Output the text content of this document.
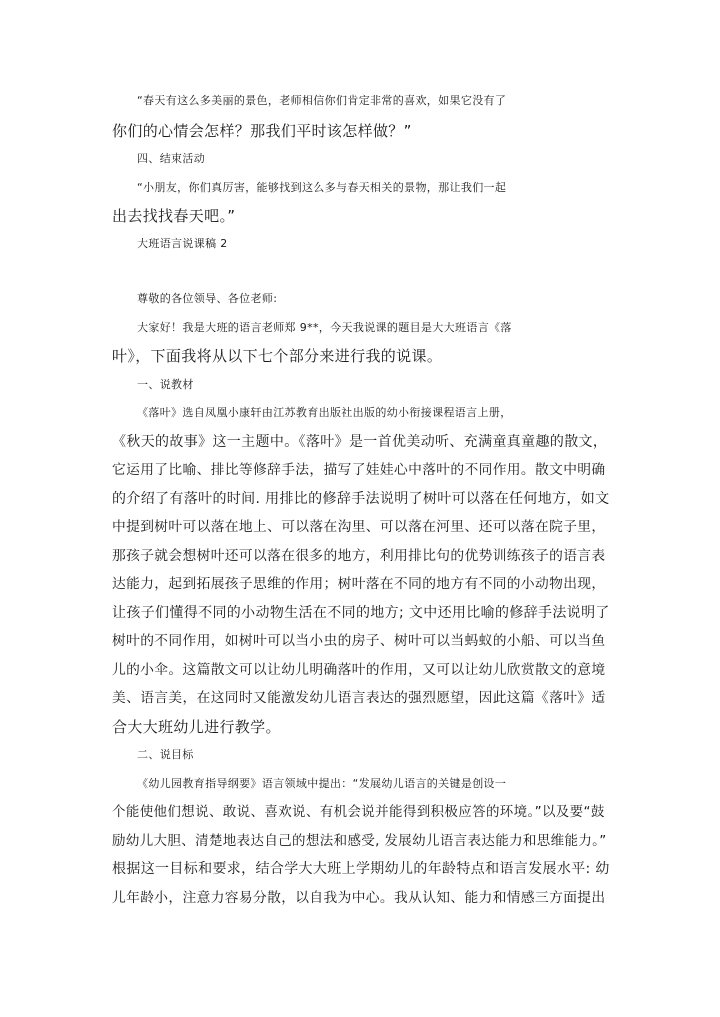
“春天有这么多美丽的景色，老师相信你们肯定非常的喜欢，如果它没有了
你们的心情会怎样？那我们平时该怎样做？”
四、结束活动
“小朋友，你们真厉害，能够找到这么多与春天相关的景物，那让我们一起
出去找找春天吧。”
大班语言说课稿 2
尊敬的各位领导、各位老师:
大家好！我是大班的语言老师郑 9**，今天我说课的题目是大大班语言《落
叶》，下面我将从以下七个部分来进行我的说课。
一、说教材
《落叶》选自凤凰小康轩由江苏教育出版社出版的幼小衔接课程语言上册，
《秋天的故事》这一主题中。《落叶》是一首优美动听、充满童真童趣的散文，
它运用了比喻、排比等修辞手法，描写了娃娃心中落叶的不同作用。散文中明确
的介绍了有落叶的时间. 用排比的修辞手法说明了树叶可以落在任何地方，如文
中提到树叶可以落在地上、可以落在沟里、可以落在河里、还可以落在院子里，
那孩子就会想树叶还可以落在很多的地方，利用排比句的优势训练孩子的语言表
达能力，起到拓展孩子思维的作用；树叶落在不同的地方有不同的小动物出现，
让孩子们懂得不同的小动物生活在不同的地方; 文中还用比喻的修辞手法说明了
树叶的不同作用，如树叶可以当小虫的房子、树叶可以当蚂蚁的小船、可以当鱼
儿的小伞。这篇散文可以让幼儿明确落叶的作用，又可以让幼儿欣赏散文的意境
美、语言美，在这同时又能激发幼儿语言表达的强烈愿望，因此这篇《落叶》适
合大大班幼儿进行教学。
二、说目标
《幼儿园教育指导纲要》语言领域中提出：“发展幼儿语言的关键是创设一
个能使他们想说、敢说、喜欢说、有机会说并能得到积极应答的环境。”以及要“鼓
励幼儿大胆、清楚地表达自己的想法和感受, 发展幼儿语言表达能力和思维能力。”
根据这一目标和要求，结合学大大班上学期幼儿的年龄特点和语言发展水平: 幼
儿年龄小，注意力容易分散，以自我为中心。我从认知、能力和情感三方面提出
